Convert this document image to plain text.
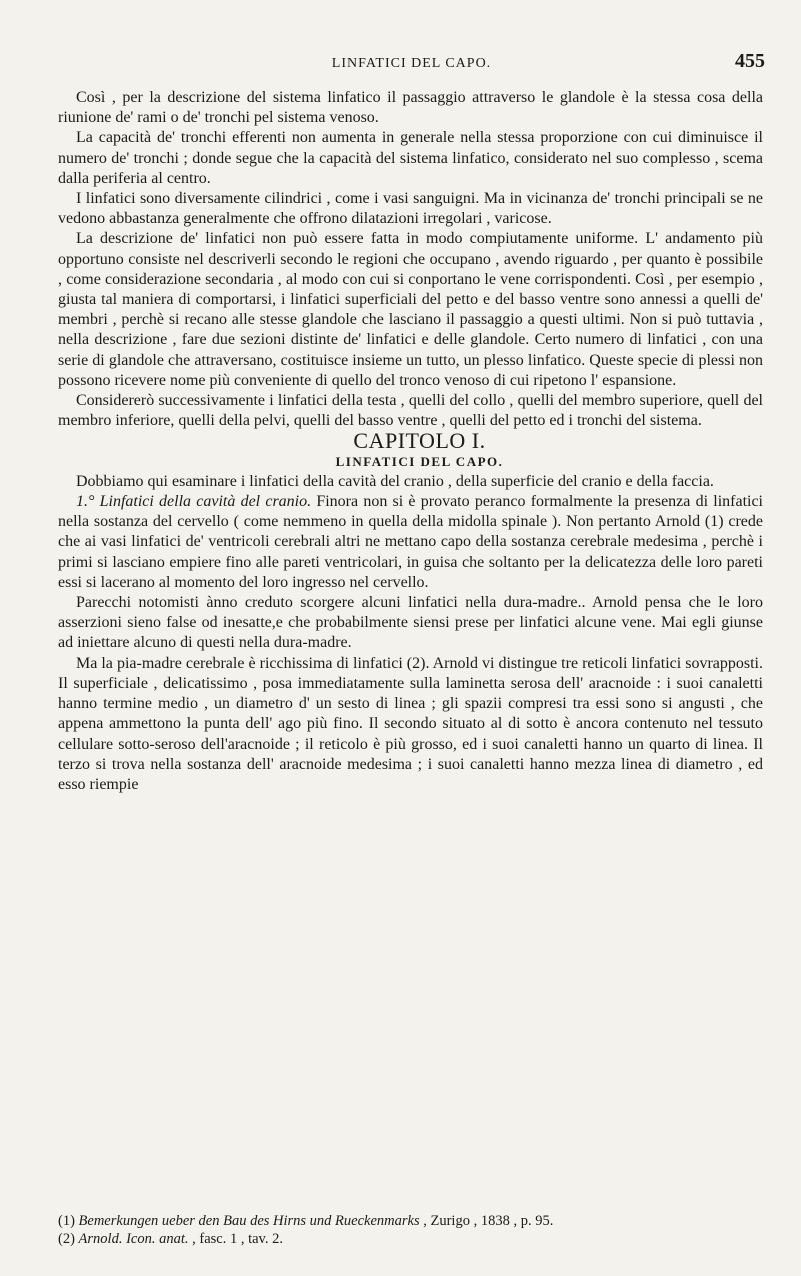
LINFATICI DEL CAPO.	455

Così , per la descrizione del sistema linfatico il passaggio attraverso le glandole è la stessa cosa della riunione de' rami o de' tronchi pel sistema venoso.

La capacità de' tronchi efferenti non aumenta in generale nella stessa proporzione con cui diminuisce il numero de' tronchi ; donde segue che la capacità del sistema linfatico, considerato nel suo complesso , scema dalla periferia al centro.

I linfatici sono diversamente cilindrici , come i vasi sanguigni. Ma in vicinanza de' tronchi principali se ne vedono abbastanza generalmente che offrono dilatazioni irregolari , varicose.

La descrizione de' linfatici non può essere fatta in modo compiutamente uniforme. L' andamento più opportuno consiste nel descriverli secondo le regioni che occupano , avendo riguardo , per quanto è possibile , come considerazione secondaria , al modo con cui si conportano le vene corrispondenti. Così , per esempio , giusta tal maniera di comportarsi, i linfatici superficiali del petto e del basso ventre sono annessi a quelli de' membri , perchè si recano alle stesse glandole che lasciano il passaggio a questi ultimi. Non si può tuttavia , nella descrizione , fare due sezioni distinte de' linfatici e delle glandole. Certo numero di linfatici , con una serie di glandole che attraversano, costituisce insieme un tutto, un plesso linfatico. Queste specie di plessi non possono ricevere nome più conveniente di quello del tronco venoso di cui ripetono l' espansione.

Considererò successivamente i linfatici della testa , quelli del collo , quelli del membro superiore, quell del membro inferiore, quelli della pelvi, quelli del basso ventre , quelli del petto ed i tronchi del sistema.

CAPITOLO I.

LINFATICI DEL CAPO.

Dobbiamo qui esaminare i linfatici della cavità del cranio , della superficie del cranio e della faccia.

1.° Linfatici della cavità del cranio. Finora non si è provato peranco formalmente la presenza di linfatici nella sostanza del cervello ( come nemmeno in quella della midolla spinale ). Non pertanto Arnold (1) crede che ai vasi linfatici de' ventricoli cerebrali altri ne mettano capo della sostanza cerebrale medesima , perchè i primi si lasciano empiere fino alle pareti ventricolari, in guisa che soltanto per la delicatezza delle loro pareti essi si lacerano al momento del loro ingresso nel cervello.

Parecchi notomisti ànno creduto scorgere alcuni linfatici nella dura-madre.. Arnold pensa che le loro asserzioni sieno false od inesatte,e che probabilmente siensi prese per linfatici alcune vene. Mai egli giunse ad iniettare alcuno di questi nella dura-madre.

Ma la pia-madre cerebrale è ricchissima di linfatici (2). Arnold vi distingue tre reticoli linfatici sovrapposti. Il superficiale , delicatissimo , posa immediatamente sulla laminetta serosa dell' aracnoide : i suoi canaletti hanno termine medio , un diametro d' un sesto di linea ; gli spazii compresi tra essi sono si angusti , che appena ammettono la punta dell' ago più fino. Il secondo situato al di sotto è ancora contenuto nel tessuto cellulare sotto-seroso dell'aracnoide ; il reticolo è più grosso, ed i suoi canaletti hanno un quarto di linea. Il terzo si trova nella sostanza dell' aracnoide medesima ; i suoi canaletti hanno mezza linea di diametro , ed esso riempie

(1) Bemerkungen ueber den Bau des Hirns und Rueckenmarks , Zurigo , 1838 , p. 95.

(2) Arnold. Icon. anat. , fasc. 1 , tav. 2.
